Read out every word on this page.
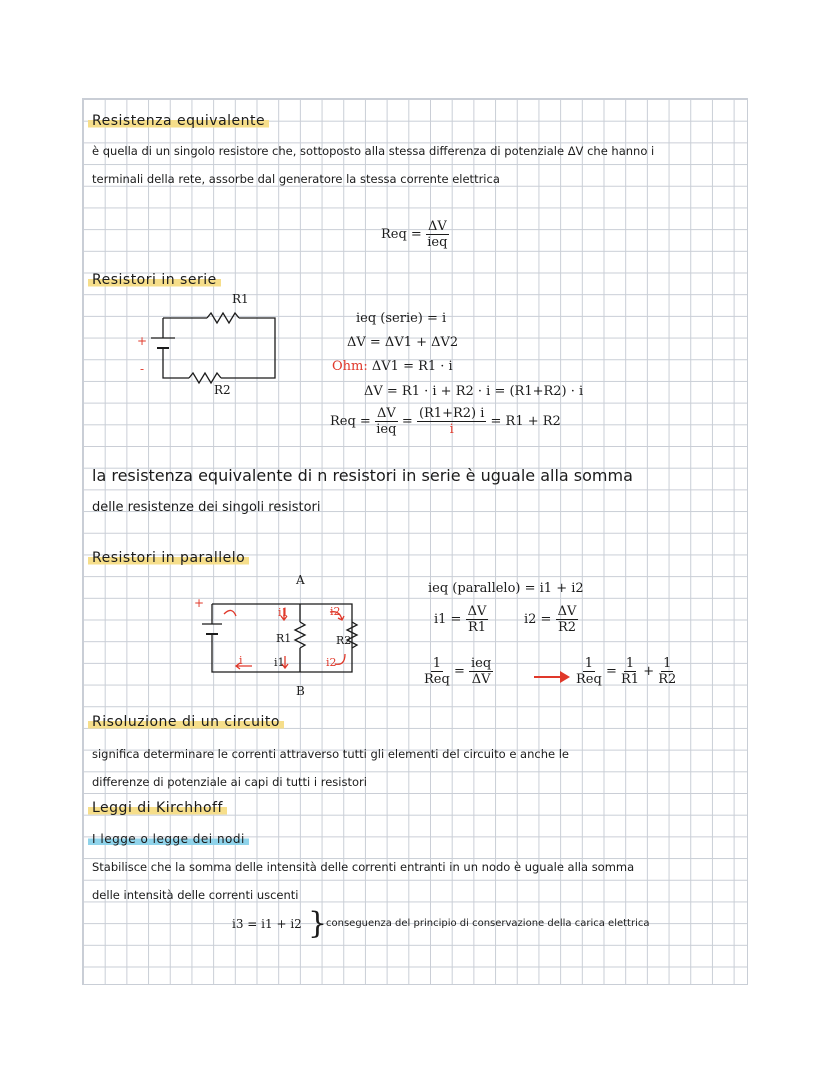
Resistenza equivalente
è quella di un singolo resistore che, sottoposto alla stessa differenza di potenziale ΔV che hanno i
terminali della rete, assorbe dal generatore la stessa corrente elettrica
Req = $\frac{\Delta V}{\text{ieq}}$
Resistori in serie
R1
R2
+
-
ieq (serie) = i
ΔV = ΔV1 + ΔV2
Ohm: ΔV1 = R1 · i
ΔV = R1 · i + R2 · i = (R1+R2) · i
Req = $\frac{\Delta V}{\text{ieq}} = \frac{(R1+R2) i}{i} = R1 + R2$
la resistenza equivalente di n resistori in serie è uguale alla somma
delle resistenze dei singoli resistori
Resistori in parallelo
+
A
B
i1	i2
R1	R2
i	i1	i2
ieq (parallelo) = i1 + i2
$i1 = \frac{\Delta V}{R1}$	$i2 = \frac{\Delta V}{R2}$
$\frac{1}{\text{Req}} = \frac{\text{ieq}}{\Delta V}$	$\frac{1}{\text{Req}} = \frac{1}{R1} + \frac{1}{R2}$
Risoluzione di un circuito
significa determinare le correnti attraverso tutti gli elementi del circuito e anche le
differenze di potenziale ai capi di tutti i resistori
Leggi di Kirchhoff
I legge o legge dei nodi
Stabilisce che la somma delle intensità delle correnti entranti in un nodo è uguale alla somma
delle intensità delle correnti uscenti
i3 = i1 + i2 }
conseguenza del principio di conservazione della carica elettrica
